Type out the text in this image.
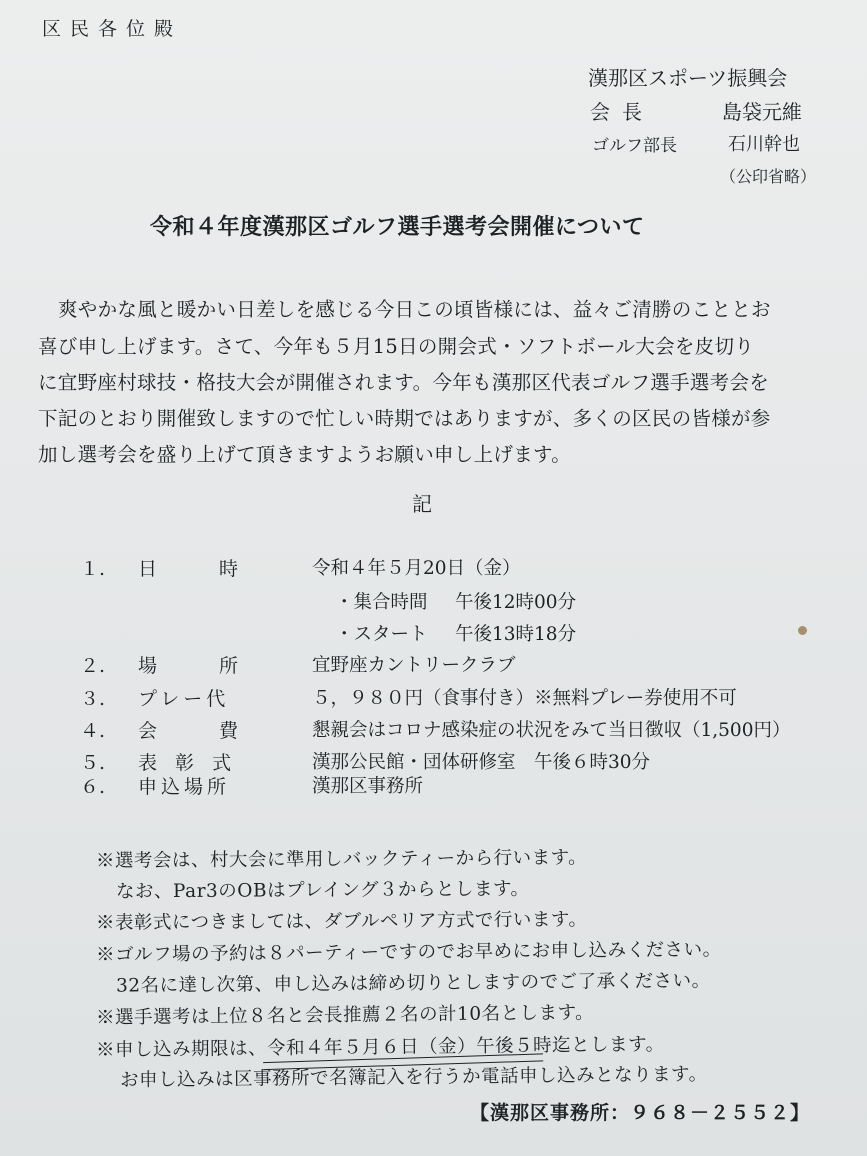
区民各位殿
漢那区スポーツ振興会
会長	島袋元維
ゴルフ部長	石川幹也
（公印省略）
令和４年度漢那区ゴルフ選手選考会開催について
爽やかな風と暖かい日差しを感じる今日この頃皆様には、益々ご清勝のこととお
喜び申し上げます。さて、今年も５月15日の開会式・ソフトボール大会を皮切り
に宜野座村球技・格技大会が開催されます。今年も漢那区代表ゴルフ選手選考会を
下記のとおり開催致しますので忙しい時期ではありますが、多くの区民の皆様が参
加し選考会を盛り上げて頂きますようお願い申し上げます。
記
１. 日　　時	令和４年５月20日（金）
・集合時間 午後12時00分
・スタート 午後13時18分
２. 場　　所	宜野座カントリークラブ
３. プレー代	５，９８０円（食事付き）※無料プレー券使用不可
４. 会　　費	懇親会はコロナ感染症の状況をみて当日徴収（1,500円）
５. 表 彰 式	漢那公民館・団体研修室　午後６時30分
６. 申込場所	漢那区事務所
※選考会は、村大会に準用しバックティーから行います。
なお、Par3のOBはプレイング３からとします。
※表彰式につきましては、ダブルペリア方式で行います。
※ゴルフ場の予約は８パーティーですのでお早めにお申し込みください。
32名に達し次第、申し込みは締め切りとしますのでご了承ください。
※選手選考は上位８名と会長推薦２名の計10名とします。
※申し込み期限は、令和４年５月６日（金）午後５時迄
とします。
お申し込みは区事務所で名簿記入を行うか電話申し込みとなります。
【漢那区事務所：９６８－２５５２】
